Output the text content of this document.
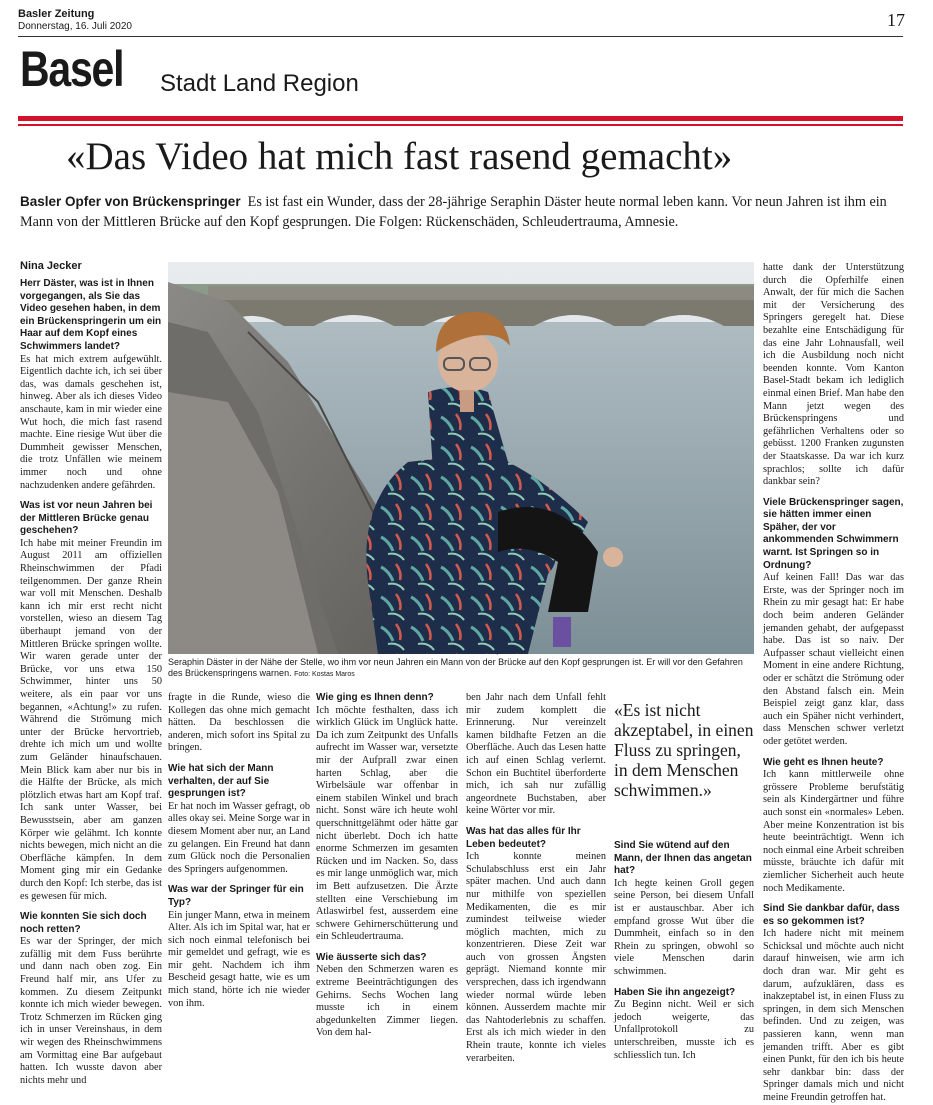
Basler Zeitung
Donnerstag, 16. Juli 2020	17
Basel Stadt Land Region
«Das Video hat mich fast rasend gemacht»
Basler Opfer von Brückenspringer Es ist fast ein Wunder, dass der 28-jährige Seraphin Däster heute normal leben kann. Vor neun Jahren ist ihm ein Mann von der Mittleren Brücke auf den Kopf gesprungen. Die Folgen: Rückenschäden, Schleudertrauma, Amnesie.
Nina Jecker

Herr Däster, was ist in Ihnen vorgegangen, als Sie das Video gesehen haben, in dem ein Brückenspringerin um ein Haar auf dem Kopf eines Schwimmers landet?

Es hat mich extrem aufgewühlt. Eigentlich dachte ich, ich sei über das, was damals geschehen ist, hinweg. Aber als ich dieses Video anschaute, kam in mir wieder eine Wut hoch, die mich fast rasend machte. Eine riesige Wut über die Dummheit gewisser Menschen, die trotz Unfällen wie meinem immer noch und ohne nachzudenken andere gefährden.

Was ist vor neun Jahren bei der Mittleren Brücke genau geschehen?

Ich habe mit meiner Freundin im August 2011 am offiziellen Rheinschwimmen der Pfadi teilgenommen. Der ganze Rhein war voll mit Menschen. Deshalb kann ich mir erst recht nicht vorstellen, wieso an diesem Tag überhaupt jemand von der Mittleren Brücke springen wollte. Wir waren gerade unter der Brücke, vor uns etwa 150 Schwimmer, hinter uns 50 weitere, als ein paar vor uns begannen, «Achtung!» zu rufen. Während die Strömung mich unter der Brücke hervortrieb, drehte ich mich um und wollte zum Geländer hinaufschauen. Mein Blick kam aber nur bis in die Hälfte der Brücke, als mich plötzlich etwas hart am Kopf traf. Ich sank unter Wasser, bei Bewusstsein, aber am ganzen Körper wie gelähmt. Ich konnte nichts bewegen, mich nicht an die Oberfläche kämpfen. In dem Moment ging mir ein Gedanke durch den Kopf: Ich sterbe, das ist es gewesen für mich.

Wie konnten Sie sich doch noch retten?

Es war der Springer, der mich zufällig mit dem Fuss berührte und dann nach oben zog. Ein Freund half mir, ans Ufer zu kommen. Zu diesem Zeitpunkt konnte ich mich wieder bewegen. Trotz Schmerzen im Rücken ging ich in unser Vereinshaus, in dem wir wegen des Rheinschwimmens am Vormittag eine Bar aufgebaut hatten. Ich wusste davon aber nichts mehr und

Seraphin Däster in der Nähe der Stelle, wo ihm vor neun Jahren ein Mann von der Brücke auf den Kopf gesprungen ist. Er will vor den Gefahren des Brückenspringens warnen. Foto: Kostas Maros

fragte in die Runde, wieso die Kollegen das ohne mich gemacht hätten. Da beschlossen die anderen, mich sofort ins Spital zu bringen.

Wie hat sich der Mann verhalten, der auf Sie gesprungen ist?

Er hat noch im Wasser gefragt, ob alles okay sei. Meine Sorge war in diesem Moment aber nur, an Land zu gelangen. Ein Freund hat dann zum Glück noch die Personalien des Springers aufgenommen.

Was war der Springer für ein Typ?

Ein junger Mann, etwa in meinem Alter. Als ich im Spital war, hat er sich noch einmal telefonisch bei mir gemeldet und gefragt, wie es mir geht. Nachdem ich ihm Bescheid gesagt hatte, wie es um mich stand, hörte ich nie wieder von ihm.

Wie ging es Ihnen denn?

Ich möchte festhalten, dass ich wirklich Glück im Unglück hatte. Da ich zum Zeitpunkt des Unfalls aufrecht im Wasser war, versetzte mir der Aufprall zwar einen harten Schlag, aber die Wirbelsäule war offenbar in einem stabilen Winkel und brach nicht. Sonst wäre ich heute wohl querschnittgelähmt oder hätte gar nicht überlebt. Doch ich hatte enorme Schmerzen im gesamten Rücken und im Nacken. So, dass es mir lange unmöglich war, mich im Bett aufzusetzen. Die Ärzte stellten eine Verschiebung im Atlaswirbel fest, ausserdem eine schwere Gehirnerschütterung und ein Schleudertrauma.

Wie äusserte sich das?

Neben den Schmerzen waren es extreme Beeinträchtigungen des Gehirns. Sechs Wochen lang musste ich in einem abgedunkelten Zimmer liegen. Von dem hal-

ben Jahr nach dem Unfall fehlt mir zudem komplett die Erinnerung. Nur vereinzelt kamen bildhafte Fetzen an die Oberfläche. Auch das Lesen hatte ich auf einen Schlag verlernt. Schon ein Buchtitel überforderte mich, ich sah nur zufällig angeordnete Buchstaben, aber keine Wörter vor mir.

Was hat das alles für Ihr Leben bedeutet?

Ich konnte meinen Schulabschluss erst ein Jahr später machen. Und auch dann nur mithilfe von speziellen Medikamenten, die es mir zumindest teilweise wieder möglich machten, mich zu konzentrieren. Diese Zeit war auch von grossen Ängsten geprägt. Niemand konnte mir versprechen, dass ich irgendwann wieder normal würde leben können. Ausserdem machte mir das Nahtoderlebnis zu schaffen. Erst als ich mich wieder in den Rhein traute, konnte ich vieles verarbeiten.

«Es ist nicht akzeptabel, in einen Fluss zu springen, in dem Menschen schwimmen.»

Sind Sie wütend auf den Mann, der Ihnen das angetan hat?

Ich hegte keinen Groll gegen seine Person, bei diesem Unfall ist er austauschbar. Aber ich empfand grosse Wut über die Dummheit, einfach so in den Rhein zu springen, obwohl so viele Menschen darin schwimmen.

Haben Sie ihn angezeigt?

Zu Beginn nicht. Weil er sich jedoch weigerte, das Unfallprotokoll zu unterschreiben, musste ich es schliesslich tun. Ich

hatte dank der Unterstützung durch die Opferhilfe einen Anwalt, der für mich die Sachen mit der Versicherung des Springers geregelt hat. Diese bezahlte eine Entschädigung für das eine Jahr Lohnausfall, weil ich die Ausbildung noch nicht beenden konnte. Vom Kanton Basel-Stadt bekam ich lediglich einmal einen Brief. Man habe den Mann jetzt wegen des Brückenspringens und gefährlichen Verhaltens oder so gebüsst. 1200 Franken zugunsten der Staatskasse. Da war ich kurz sprachlos; sollte ich dafür dankbar sein?

Viele Brückenspringer sagen, sie hätten immer einen Späher, der vor ankommenden Schwimmern warnt. Ist Springen so in Ordnung?

Auf keinen Fall! Das war das Erste, was der Springer noch im Rhein zu mir gesagt hat: Er habe doch beim anderen Geländer jemanden gehabt, der aufgepasst habe. Das ist so naiv. Der Aufpasser schaut vielleicht einen Moment in eine andere Richtung, oder er schätzt die Strömung oder den Abstand falsch ein. Mein Beispiel zeigt ganz klar, dass auch ein Späher nicht verhindert, dass Menschen schwer verletzt oder getötet werden.

Wie geht es Ihnen heute?

Ich kann mittlerweile ohne grössere Probleme berufstätig sein als Kindergärtner und führe auch sonst ein «normales» Leben. Aber meine Konzentration ist bis heute beeinträchtigt. Wenn ich noch einmal eine Arbeit schreiben müsste, bräuchte ich dafür mit ziemlicher Sicherheit auch heute noch Medikamente.

Sind Sie dankbar dafür, dass es so gekommen ist?

Ich hadere nicht mit meinem Schicksal und möchte auch nicht darauf hinweisen, wie arm ich doch dran war. Mir geht es darum, aufzuklären, dass es inakzeptabel ist, in einen Fluss zu springen, in dem sich Menschen befinden. Und zu zeigen, was passieren kann, wenn man jemanden trifft. Aber es gibt einen Punkt, für den ich bis heute sehr dankbar bin: dass der Springer damals mich und nicht meine Freundin getroffen hat.
